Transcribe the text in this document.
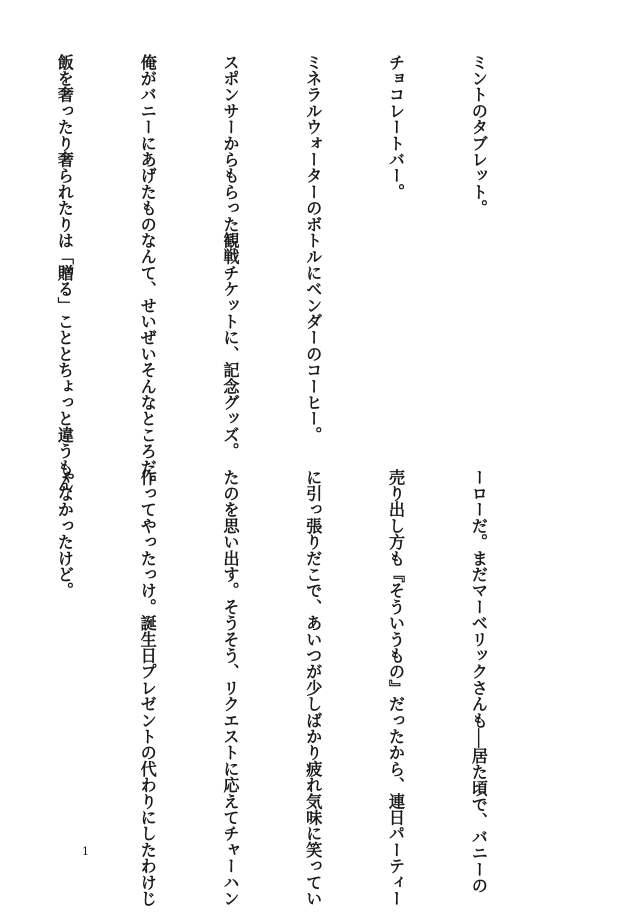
ミントのタブレット。

チョコレートバー。

ミネラルウォーターのボトルにベンダーのコーヒー。

スポンサーからもらった観戦チケットに、記念グッズ。

俺がバニーにあげたものなんて、せいぜいそんなところだ。

飯を奢ったり奢られたりは「贈る」こととちょっと違うもん

ーローだ。まだマーベリックさんも──居た頃で、バニーの

売り出し方も『そういうもの』だったから、連日パーティー

に引っ張りだこで、あいつが少しばかり疲れ気味に笑ってい

たのを思い出す。そうそう、リクエストに応えてチャーハン

作ってやったっけ。誕生日プレゼントの代わりにしたわけじ

ゃなかったけど。

1
